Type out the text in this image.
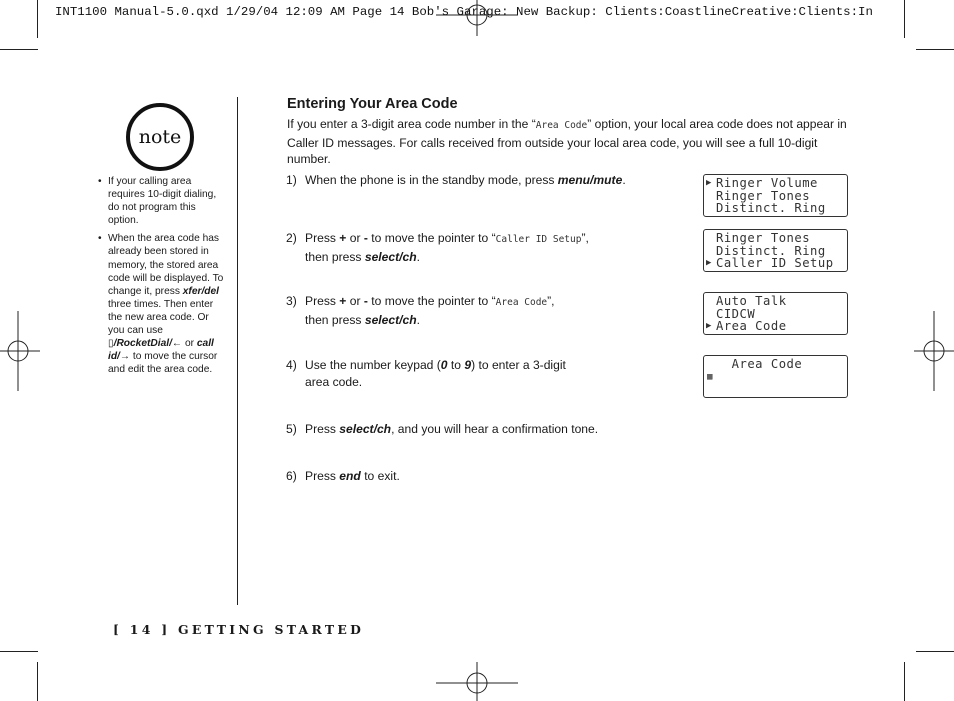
INT1100 Manual-5.0.qxd 1/29/04 12:09 AM Page 14 Bob's Garage: New Backup: Clients:CoastlineCreative:Clients:In
note
• If your calling area requires 10-digit dialing, do not program this option.
• When the area code has already been stored in memory, the stored area code will be displayed. To change it, press xfer/del three times. Then enter the new area code. Or you can use ▯/RocketDial/← or call id/→ to move the cursor and edit the area code.
Entering Your Area Code
If you enter a 3-digit area code number in the “Area Code” option, your local area code does not appear in Caller ID messages. For calls received from outside your local area code, you will see a full 10-digit number.
1) When the phone is in the standby mode, press menu/mute.
2) Press + or - to move the pointer to “Caller ID Setup”,
then press select/ch.
3) Press + or - to move the pointer to “Area Code”,
then press select/ch.
4) Use the number keypad (0 to 9) to enter a 3-digit
area code.
5) Press select/ch, and you will hear a confirmation tone.
6) Press end to exit.
▶ Ringer Volume
Ringer Tones
Distinct. Ring
Ringer Tones
Distinct. Ring
▶ Caller ID Setup
Auto Talk
CIDCW
▶ Area Code
Area Code
▦
[ 14 ] GETTING STARTED
